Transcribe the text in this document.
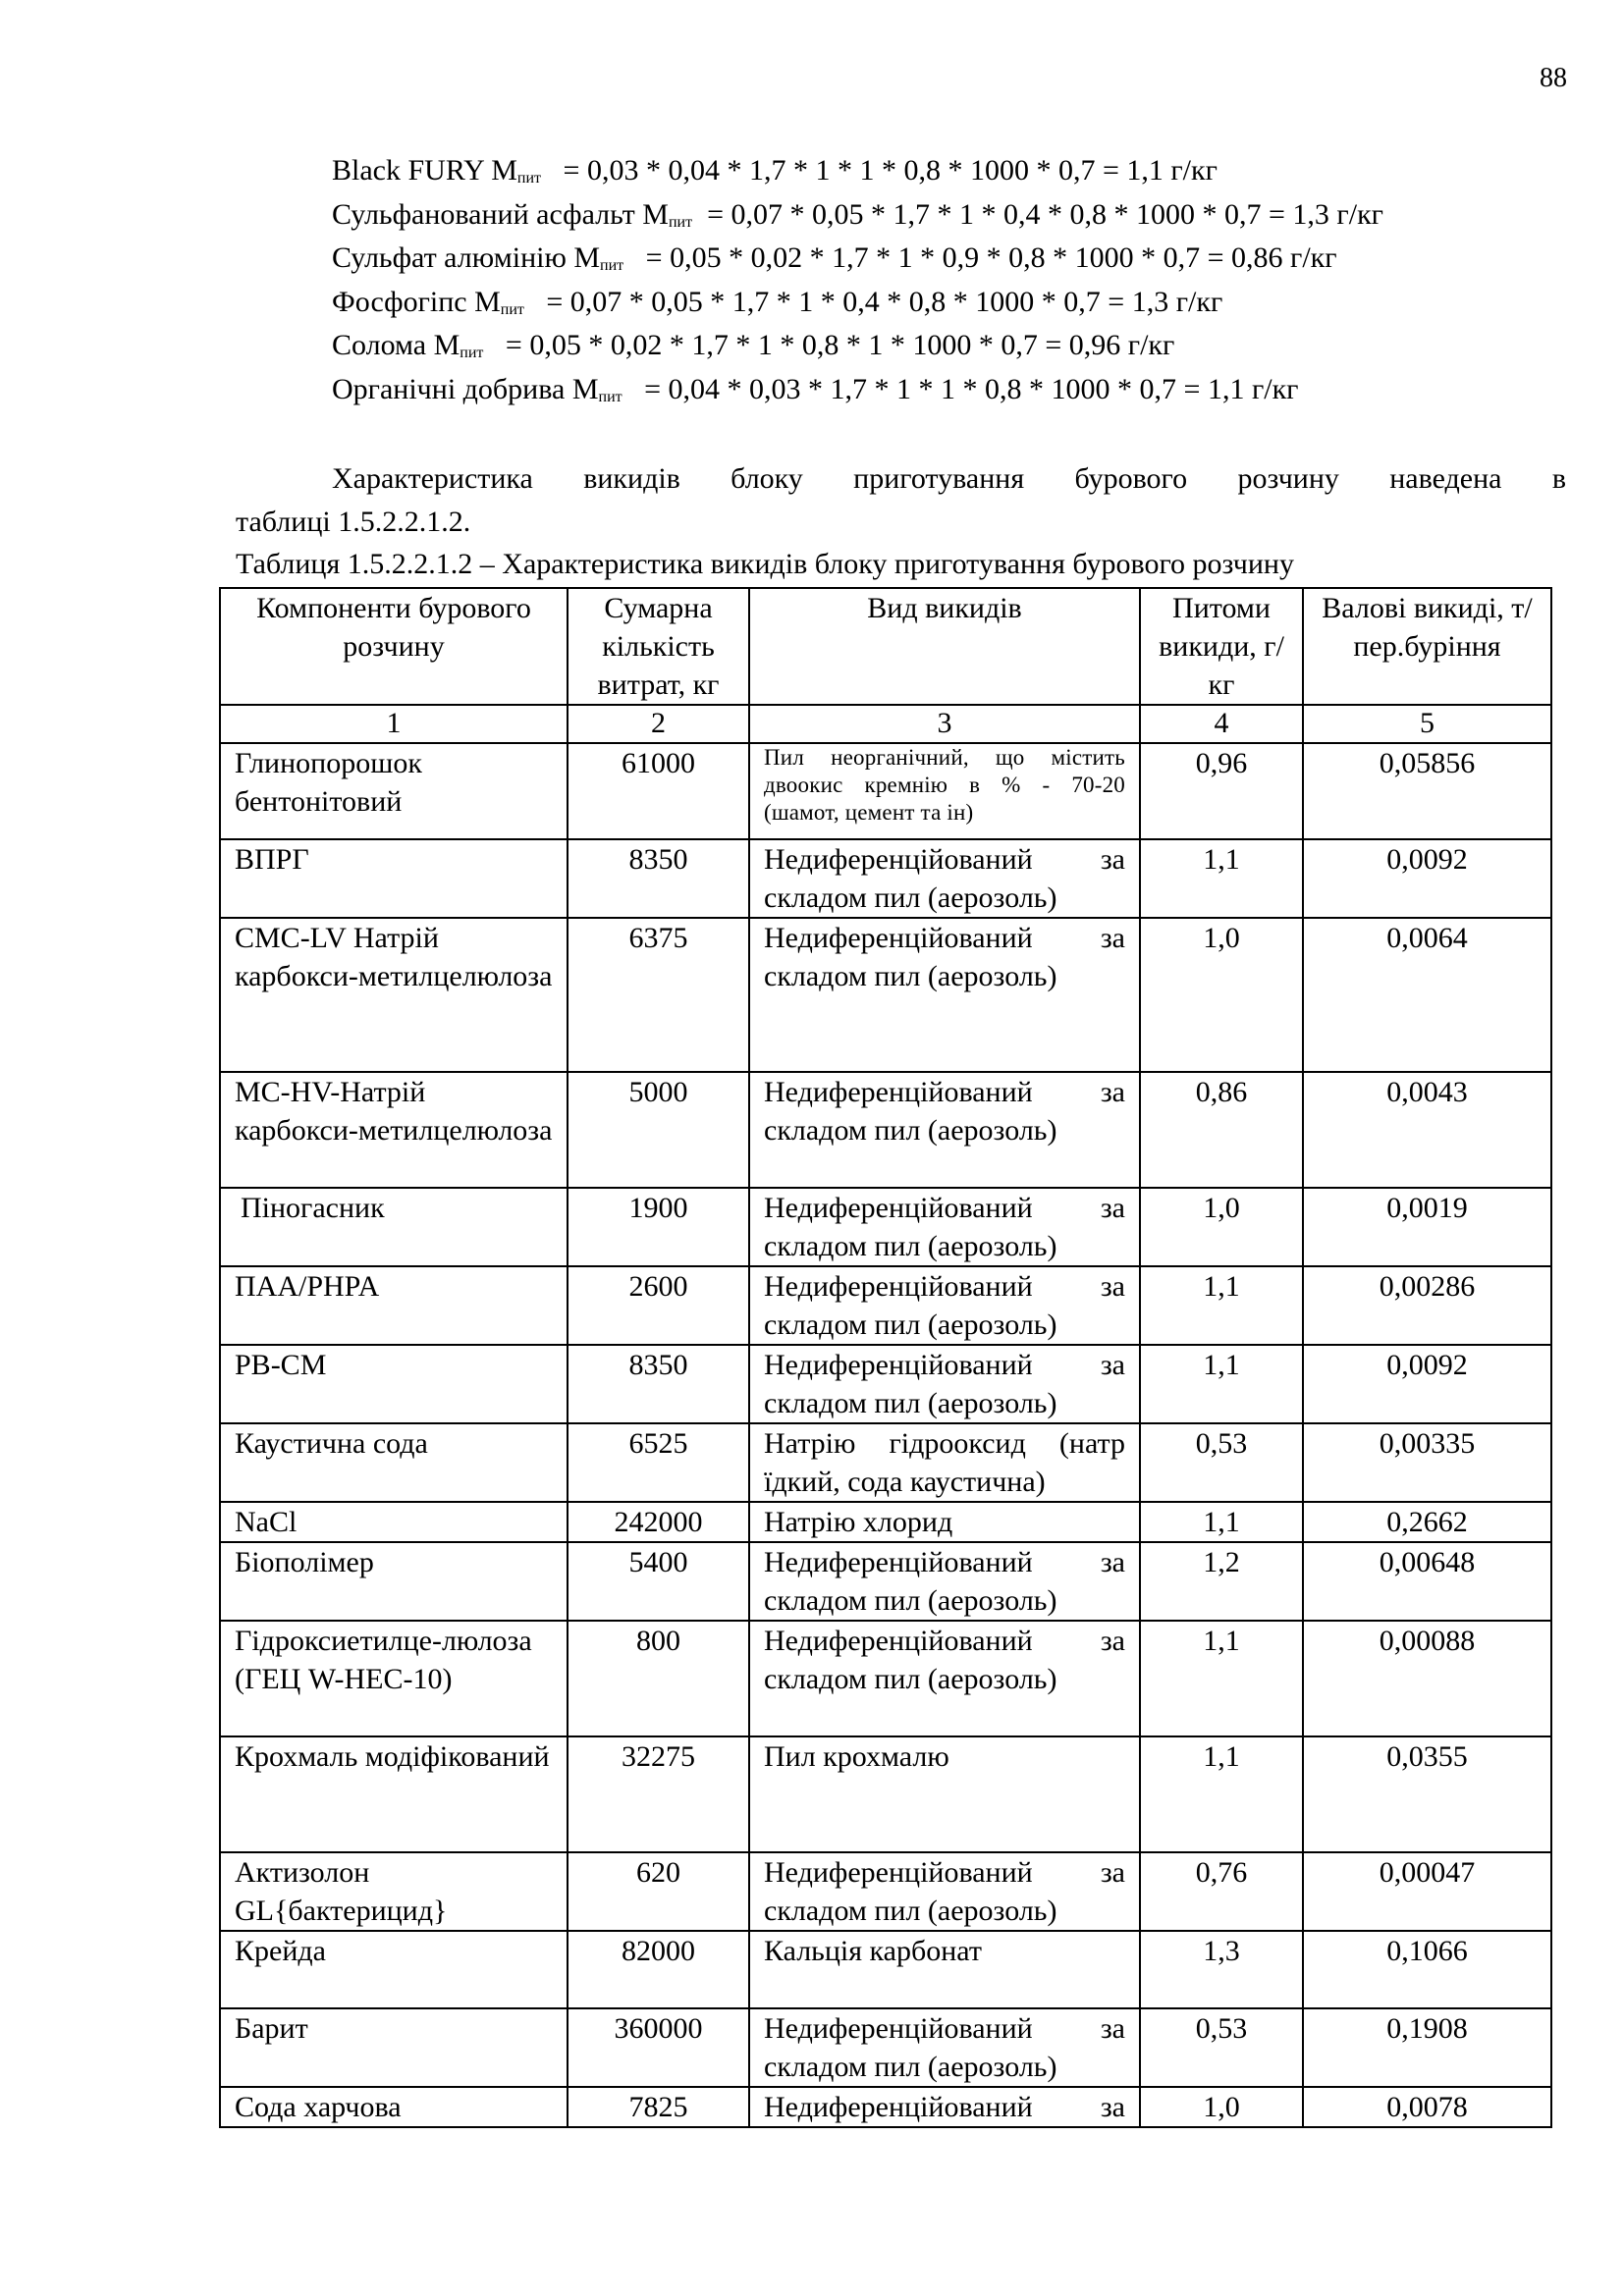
88
Black FURY $M_{пит} = 0,03 * 0,04 * 1,7 * 1 * 1 * 0,8 * 1000 * 0,7 = 1,1$ г/кг
Сульфанований асфальт $M_{пит} = 0,07 * 0,05 * 1,7 * 1 * 0,4 * 0,8 * 1000 * 0,7 = 1,3$ г/кг
Сульфат алюмінію $M_{пит} = 0,05 * 0,02 * 1,7 * 1 * 0,9 * 0,8 * 1000 * 0,7 = 0,86$ г/кг
Фосфогіпс $M_{пит} = 0,07 * 0,05 * 1,7 * 1 * 0,4 * 0,8 * 1000 * 0,7 = 1,3$ г/кг
Солома $M_{пит} = 0,05 * 0,02 * 1,7 * 1 * 0,8 * 1 * 1000 * 0,7 = 0,96$ г/кг
Органічні добрива $M_{пит} = 0,04 * 0,03 * 1,7 * 1 * 1 * 0,8 * 1000 * 0,7 = 1,1$ г/кг
Характеристика викидів блоку приготування бурового розчину наведена в
таблиці 1.5.2.2.1.2.
Таблиця 1.5.2.2.1.2 – Характеристика викидів блоку приготування бурового розчину
Компоненти бурового розчину	Сумарна кількість витрат, кг	Вид викидів	Питоми викиди, г/кг	Валові викиді, т/ пер.буріння
1	2	3	4	5
Глинопорошок бентонітовий	61000	Пил неорганічний, що містить двоокис кремнію в % - 70-20 (шамот, цемент та ін)	0,96	0,05856
ВПРГ	8350	Недиференційований за складом пил (аерозоль)	1,1	0,0092
CMC-LV Натрій карбокси-метилцелюлоза	6375	Недиференційований за складом пил (аерозоль)	1,0	0,0064
MC-HV-Натрій карбокси-метилцелюлоза	5000	Недиференційований за складом пил (аерозоль)	0,86	0,0043
Піногасник	1900	Недиференційований за складом пил (аерозоль)	1,0	0,0019
ПАА/PHPA	2600	Недиференційований за складом пил (аерозоль)	1,1	0,00286
PB-CM	8350	Недиференційований за складом пил (аерозоль)	1,1	0,0092
Каустична сода	6525	Натрію гідрооксид (натр їдкий, сода каустична)	0,53	0,00335
NaCl	242000	Натрію хлорид	1,1	0,2662
Біополімер	5400	Недиференційований за складом пил (аерозоль)	1,2	0,00648
Гідроксиетилце-люлоза (ГЕЦ W-HEC-10)	800	Недиференційований за складом пил (аерозоль)	1,1	0,00088
Крохмаль модіфікований	32275	Пил крохмалю	1,1	0,0355
Актизолон GL{бактерицид}	620	Недиференційований за складом пил (аерозоль)	0,76	0,00047
Крейда	82000	Кальція карбонат	1,3	0,1066
Барит	360000	Недиференційований за складом пил (аерозоль)	0,53	0,1908
Сода харчова	7825	Недиференційований за	1,0	0,0078
